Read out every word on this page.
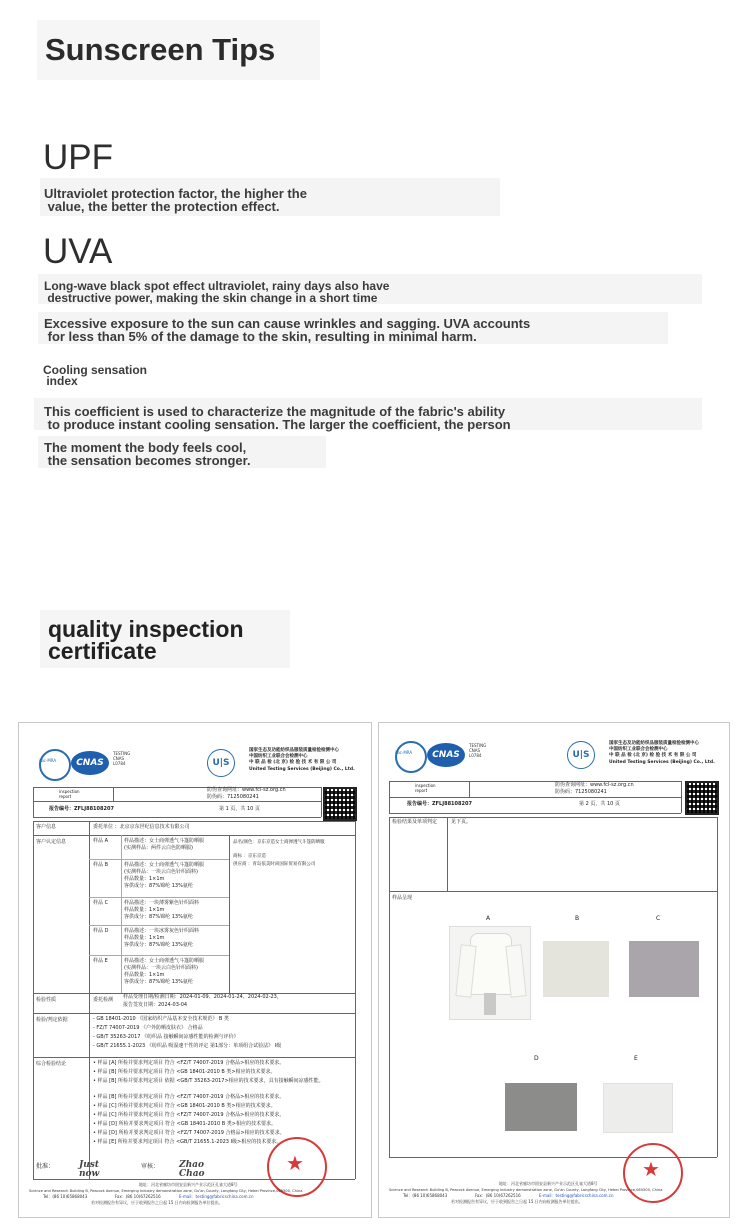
Sunscreen Tips
UPF
Ultraviolet protection factor, the higher the
value, the better the protection effect.
UVA
Long-wave black spot effect ultraviolet, rainy days also have
destructive power, making the skin change in a short time
Excessive exposure to the sun can cause wrinkles and sagging. UVA accounts
for less than 5% of the damage to the skin, resulting in minimal harm.
Cooling sensation
index
This coefficient is used to characterize the magnitude of the fabric's ability
to produce instant cooling sensation. The larger the coefficient, the person
The moment the body feels cool,
the sensation becomes stronger.
quality inspection
certificate
ilac-MRA	CNAS
TESTING CNAS L0784	U|S
国家生态及功能纺织品服装质量检验检测中心
中国纺织工业联合会检测中心
中 联 品 检 (北 京) 检 验 技 术 有 限 公 司
United Testing Services (Beijing) Co., Ltd.
inspection report
防伪查询网址：www.fcl-sz.org.cn
防伪码：7125080241
报告编号：ZFLJ88108207	第 1 页，共 10 页
客户信息	委托单位 ：北京京东世纪信息技术有限公司
客户认定信息	样品 A	样品描述：女士商弹透气斗篷防晒服
(实测样品：两件云白色防晒服)
样品 B	样品描述：女士商弹透气斗篷防晒服
(实测样品：一块云白色针织面料)
样品数量：1×1m
客供成分：87%锦纶 13%氨纶
样品 C	样品描述：一块薄雾紫色针织面料
样品数量：1×1m
客供成分：87%锦纶 13%氨纶
样品 D	样品描述：一块冰雾灰色针织面料
样品数量：1×1m
客供成分：87%锦纶 13%氨纶
样品 E	样品描述：女士商弹透气斗篷防晒服
(实测样品：一块云白色针织面料)
样品数量：1×1m
客供成分：87%锦纶 13%氨纶
品名/颜色：京东京造女士商弹透气斗篷防晒服
商标 ：京东京造
供应商 ：青岛依美时尚国际贸易有限公司
检验性质	委托检测 样品受理日期/检测日期：2024-01-09、2024-01-24、2024-02-23，
报告签发日期：2024-03-04
检验/判定依据	- GB 18401-2010 《国家纺织产品基本安全技术规范》 B 类
- FZ/T 74007-2019 《户外防晒皮肤衣》 合格品
- GB/T 35263-2017 《纺织品 接触瞬间凉感性能的检测与评价》
- GB/T 21655.1-2023 《纺织品 吸湿速干性的评定 第1部分：单项组合试验法》 Ⅰ级
综合检验结论	• 样品 [A] 所检并要求判定项目 符合 <FZ/T 74007-2019 合格品>相应的技术要求。
• 样品 [B] 所检并要求判定项目 符合 <GB 18401-2010 B 类>相应的技术要求。
• 样品 [B] 所检并要求判定项目 依据 <GB/T 35263-2017>相应的技术要求，具有接触瞬间凉感性能。
• 样品 [B] 所检并要求判定项目 符合 <FZ/T 74007-2019 合格品>相应的技术要求。
• 样品 [C] 所检并要求判定项目 符合 <GB 18401-2010 B 类>相应的技术要求。
• 样品 [C] 所检并要求判定项目 符合 <FZ/T 74007-2019 合格品>相应的技术要求。
• 样品 [D] 所检并要求判定项目 符合 <GB 18401-2010 B 类>相应的技术要求。
• 样品 [D] 所检并要求判定项目 符合 <FZ/T 74007-2019 合格品>相应的技术要求。
• 样品 [E] 所检并要求判定项目 符合 <GB/T 21655.1-2023 Ⅰ级>相应的技术要求。
批准：	Just now
审核： Zhao Chao	★
地址：河北省廊坊市固安县新兴产业示范区孔雀大道8号
Science and Research Building B, Peacock Avenue, Emerging Industry demonstration zone, Gu'an County, Langfang City, Hebei Province,065500, China
Tel：(86 10)65868043	Fax：(86 10)67262516	E-mail：testing@fabricschina.com.cn
若对检测报告有异议，应于收到报告之日起 15 日内向检测报告单位提出。
ilac-MRA	CNAS
TESTING CNAS L0784	U|S
国家生态及功能纺织品服装质量检验检测中心
中国纺织工业联合会检测中心
中 联 品 检 (北 京) 检 验 技 术 有 限 公 司
United Testing Services (Beijing) Co., Ltd.
inspection report
防伪查询网址：www.fcl-sz.org.cn
防伪码：7125080241
报告编号：ZFLJ88108207	第 2 页，共 10 页
检验结果及单项判定	见下页。
样品呈现
A	B	C
D	E
★
地址：河北省廊坊市固安县新兴产业示范区孔雀大道8号
Science and Research Building B, Peacock Avenue, Emerging Industry demonstration zone, Gu'an County, Langfang City, Hebei Province,065500, China
Tel：(86 10)65868043	Fax：(86 10)67262516	E-mail：testing@fabricschina.com.cn
若对检测报告有异议，应于收到报告之日起 15 日内向检测报告单位提出。
